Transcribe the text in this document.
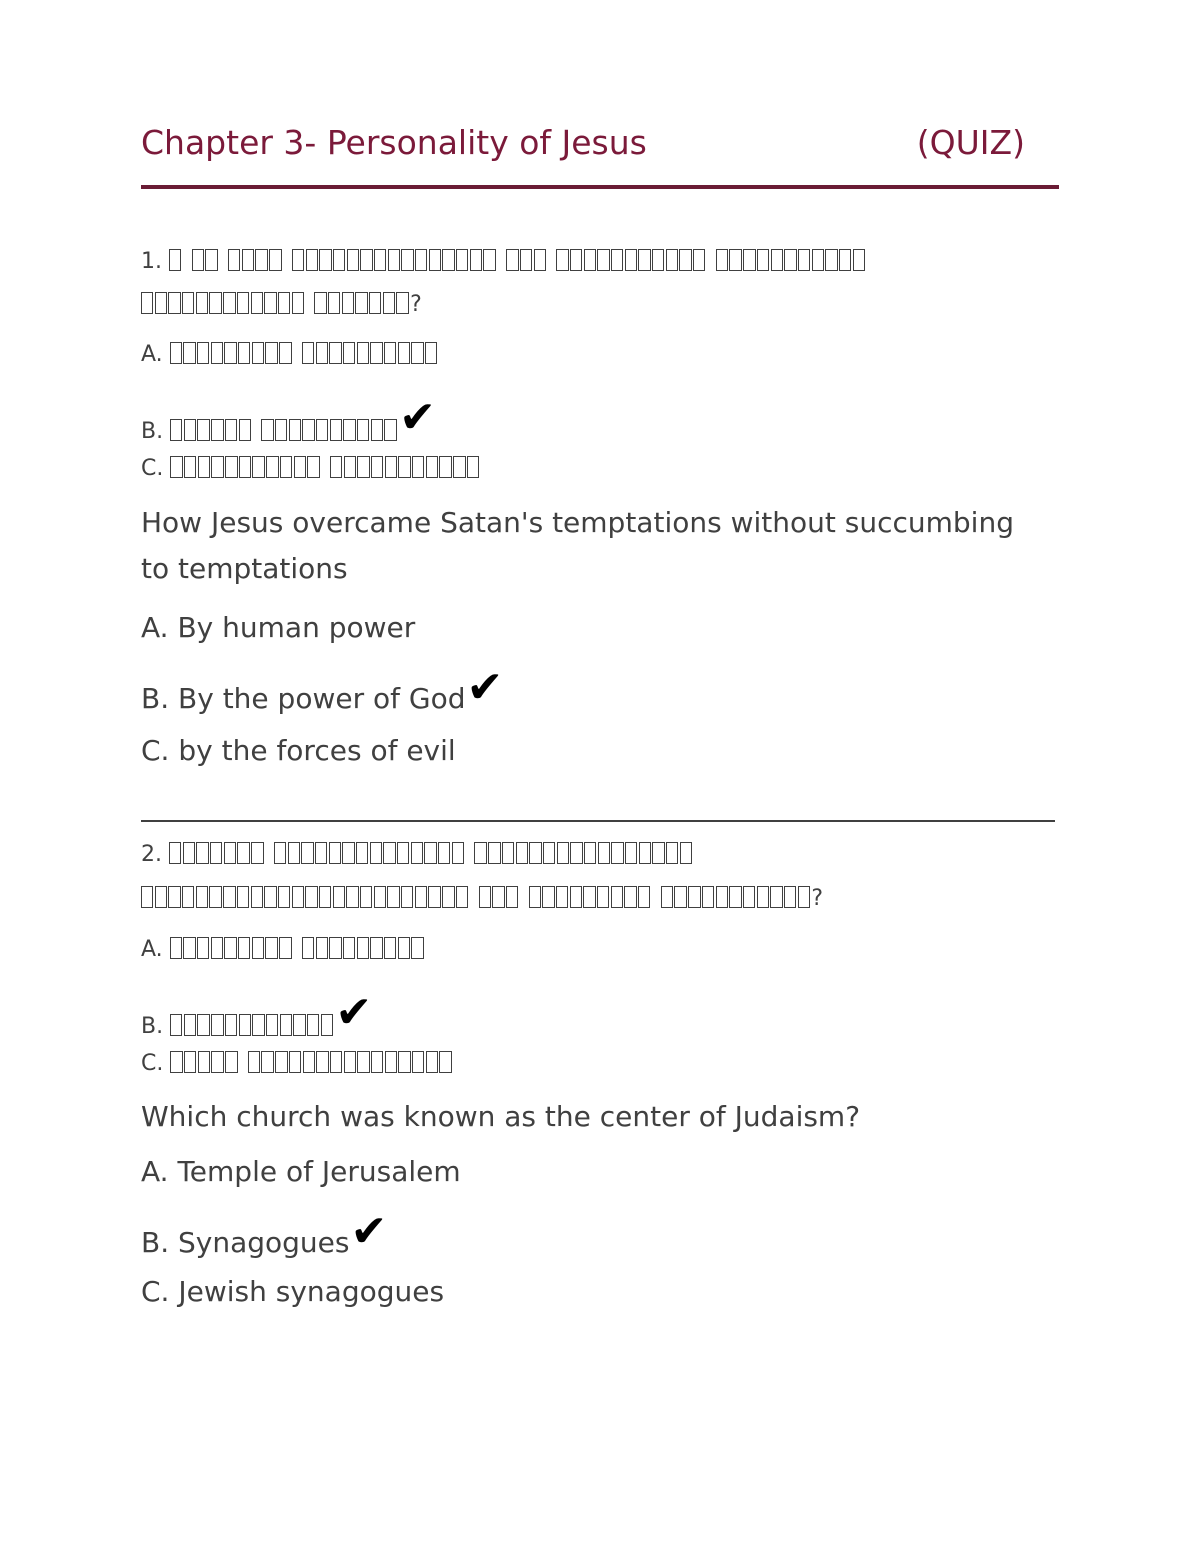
Chapter 3- Personality of Jesus	(QUIZ)
1.
?
A.
B.	✔
C.
How Jesus overcame Satan's temptations without succumbing
to temptations
A. By human power
B. By the power of God✔
C. by the forces of evil
2.
?
A.
B.	✔
C.
Which church was known as the center of Judaism?
A. Temple of Jerusalem
B. Synagogues✔
C. Jewish synagogues
